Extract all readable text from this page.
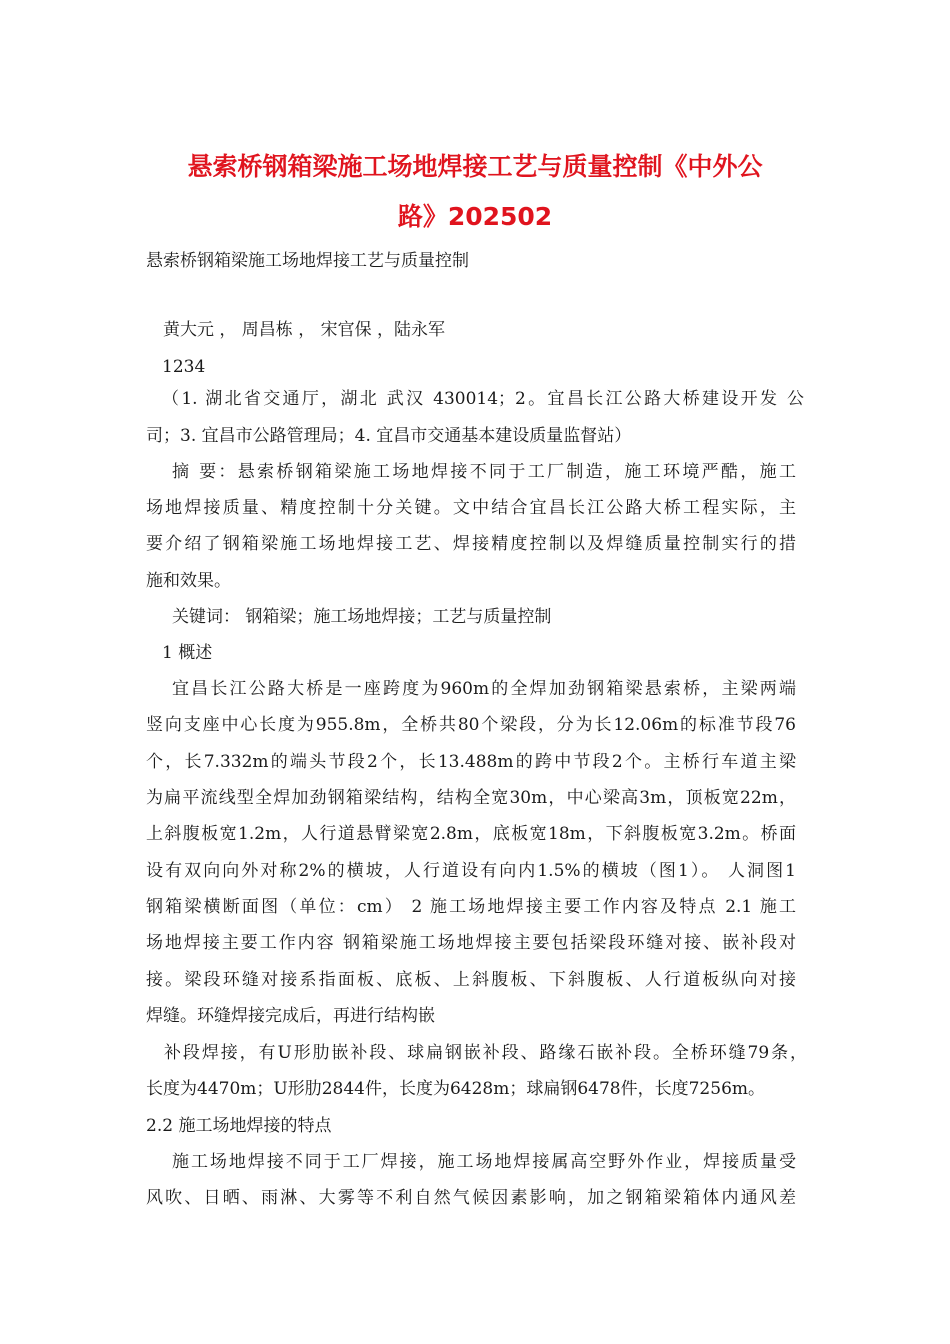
悬索桥钢箱梁施工场地焊接工艺与质量控制《中外公
路》202502
悬索桥钢箱梁施工场地焊接工艺与质量控制
黄大元 ， 周昌栋 ， 宋官保 ，陆永军
1234
（1. 湖北省交通厅，湖北 武汉 430014；2。宜昌长江公路大桥建设开发 公
司；3. 宜昌市公路管理局；4. 宜昌市交通基本建设质量监督站）
摘 要：悬索桥钢箱梁施工场地焊接不同于工厂制造，施工环境严酷，施工
场地焊接质量、精度控制十分关键。文中结合宜昌长江公路大桥工程实际，主
要介绍了钢箱梁施工场地焊接工艺、焊接精度控制以及焊缝质量控制实行的措
施和效果。
关键词： 钢箱梁；施工场地焊接；工艺与质量控制
1 概述
宜昌长江公路大桥是一座跨度为960m的全焊加劲钢箱梁悬索桥，主梁两端
竖向支座中心长度为955.8m，全桥共80个梁段，分为长12.06m的标准节段76
个，长7.332m的端头节段2个，长13.488m的跨中节段2个。主桥行车道主梁
为扁平流线型全焊加劲钢箱梁结构，结构全宽30m，中心梁高3m，顶板宽22m，
上斜腹板宽1.2m，人行道悬臂梁宽2.8m，底板宽18m，下斜腹板宽3.2m。桥面
设有双向向外对称2%的横坡，人行道设有向内1.5%的横坡（图1）。 人洞图1
钢箱梁横断面图（单位：cm） 2 施工场地焊接主要工作内容及特点 2.1 施工
场地焊接主要工作内容 钢箱梁施工场地焊接主要包括梁段环缝对接、嵌补段对
接。梁段环缝对接系指面板、底板、上斜腹板、下斜腹板、人行道板纵向对接
焊缝。环缝焊接完成后，再进行结构嵌
补段焊接，有U形肋嵌补段、球扁钢嵌补段、路缘石嵌补段。全桥环缝79条，
长度为4470m；U形肋2844件，长度为6428m；球扁钢6478件，长度7256m。
2.2 施工场地焊接的特点
施工场地焊接不同于工厂焊接，施工场地焊接属高空野外作业，焊接质量受
风吹、日晒、雨淋、大雾等不利自然气候因素影响，加之钢箱梁箱体内通风差
